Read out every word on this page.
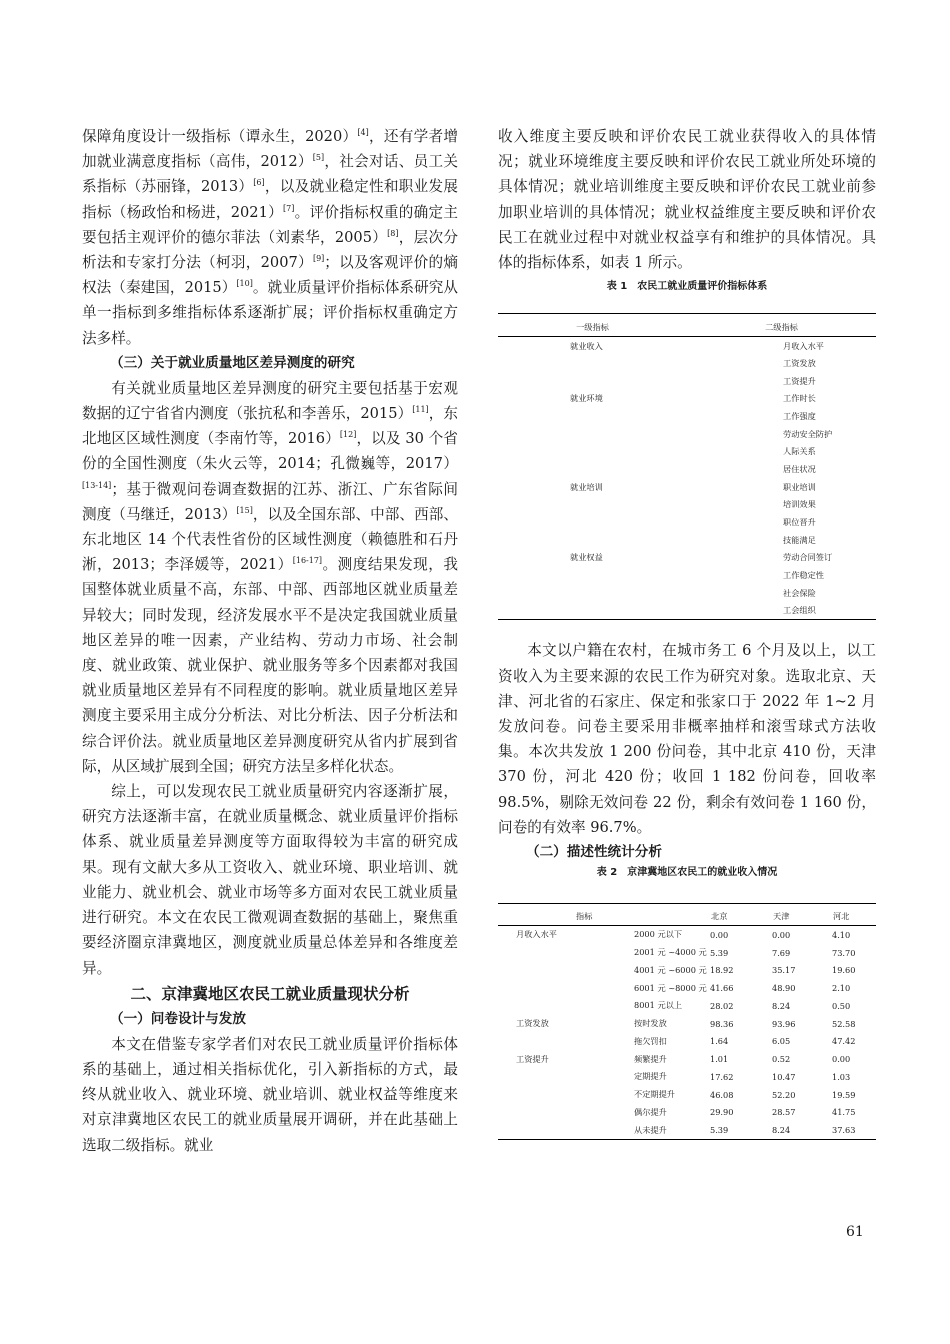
保障角度设计一级指标（谭永生，2020）[4]，还有学者增加就业满意度指标（高伟，2012）[5]，社会对话、员工关系指标（苏丽锋，2013）[6]，以及就业稳定性和职业发展指标（杨政怡和杨进，2021）[7]。评价指标权重的确定主要包括主观评价的德尔菲法（刘素华，2005）[8]，层次分析法和专家打分法（柯羽，2007）[9]；以及客观评价的熵权法（秦建国，2015）[10]。就业质量评价指标体系研究从单一指标到多维指标体系逐渐扩展；评价指标权重确定方法多样。

（三）关于就业质量地区差异测度的研究

有关就业质量地区差异测度的研究主要包括基于宏观数据的辽宁省省内测度（张抗私和李善乐，2015）[11]，东北地区区域性测度（李南竹等，2016）[12]，以及 30 个省份的全国性测度（朱火云等，2014；孔微巍等，2017）[13-14]；基于微观问卷调查数据的江苏、浙江、广东省际间测度（马继迁，2013）[15]，以及全国东部、中部、西部、东北地区 14 个代表性省份的区域性测度（赖德胜和石丹淅，2013；李泽媛等，2021）[16-17]。测度结果发现，我国整体就业质量不高，东部、中部、西部地区就业质量差异较大；同时发现，经济发展水平不是决定我国就业质量地区差异的唯一因素，产业结构、劳动力市场、社会制度、就业政策、就业保护、就业服务等多个因素都对我国就业质量地区差异有不同程度的影响。就业质量地区差异测度主要采用主成分分析法、对比分析法、因子分析法和综合评价法。就业质量地区差异测度研究从省内扩展到省际，从区域扩展到全国；研究方法呈多样化状态。

综上，可以发现农民工就业质量研究内容逐渐扩展，研究方法逐渐丰富，在就业质量概念、就业质量评价指标体系、就业质量差异测度等方面取得较为丰富的研究成果。现有文献大多从工资收入、就业环境、职业培训、就业能力、就业机会、就业市场等多方面对农民工就业质量进行研究。本文在农民工微观调查数据的基础上，聚焦重要经济圈京津冀地区，测度就业质量总体差异和各维度差异。

二、京津冀地区农民工就业质量现状分析
（一）问卷设计与发放

本文在借鉴专家学者们对农民工就业质量评价指标体系的基础上，通过相关指标优化，引入新指标的方式，最终从就业收入、就业环境、就业培训、就业权益等维度来对京津冀地区农民工的就业质量展开调研，并在此基础上选取二级指标。就业

收入维度主要反映和评价农民工就业获得收入的具体情况；就业环境维度主要反映和评价农民工就业所处环境的具体情况；就业培训维度主要反映和评价农民工就业前参加职业培训的具体情况；就业权益维度主要反映和评价农民工在就业过程中对就业权益享有和维护的具体情况。具体的指标体系，如表 1 所示。

表 1　农民工就业质量评价指标体系
一级指标	二级指标
就业收入	月收入水平
	工资发放
	工资提升
就业环境	工作时长
	工作强度
	劳动安全防护
	人际关系
	居住状况
就业培训	职业培训
	培训效果
	职位晋升
	技能满足
就业权益	劳动合同签订
	工作稳定性
	社会保险
	工会组织

本文以户籍在农村，在城市务工 6 个月及以上，以工资收入为主要来源的农民工作为研究对象。选取北京、天津、河北省的石家庄、保定和张家口于 2022 年 1~2 月发放问卷。问卷主要采用非概率抽样和滚雪球式方法收集。本次共发放 1 200 份问卷，其中北京 410 份，天津 370 份，河北 420 份；收回 1 182 份问卷，回收率 98.5%，剔除无效问卷 22 份，剩余有效问卷 1 160 份，问卷的有效率 96.7%。

（二）描述性统计分析
表 2　京津冀地区农民工的就业收入情况
指标		北京	天津	河北
月收入水平	2000 元以下	0.00	0.00	4.10
	2001 元 ~4000 元	5.39	7.69	73.70
	4001 元 ~6000 元	18.92	35.17	19.60
	6001 元 ~8000 元	41.66	48.90	2.10
	8001 元以上	28.02	8.24	0.50
工资发放	按时发放	98.36	93.96	52.58
	拖欠罚扣	1.64	6.05	47.42
工资提升	频繁提升	1.01	0.52	0.00
	定期提升	17.62	10.47	1.03
	不定期提升	46.08	52.20	19.59
	偶尔提升	29.90	28.57	41.75
	从未提升	5.39	8.24	37.63
61
